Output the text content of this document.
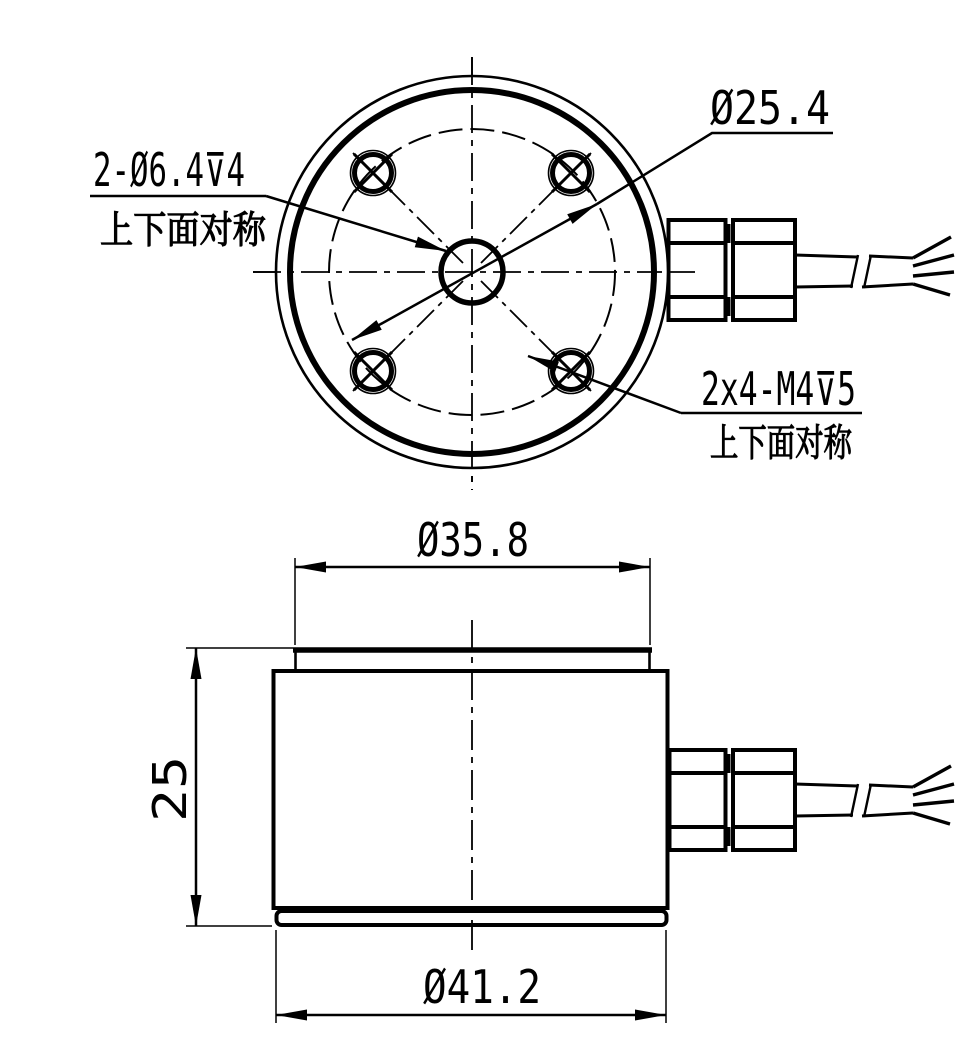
Ø25.4
2-Ø6.4⊽4
上下面对称
2x4-M4⊽5
上下面对称
Ø35.8
25
Ø41.2
